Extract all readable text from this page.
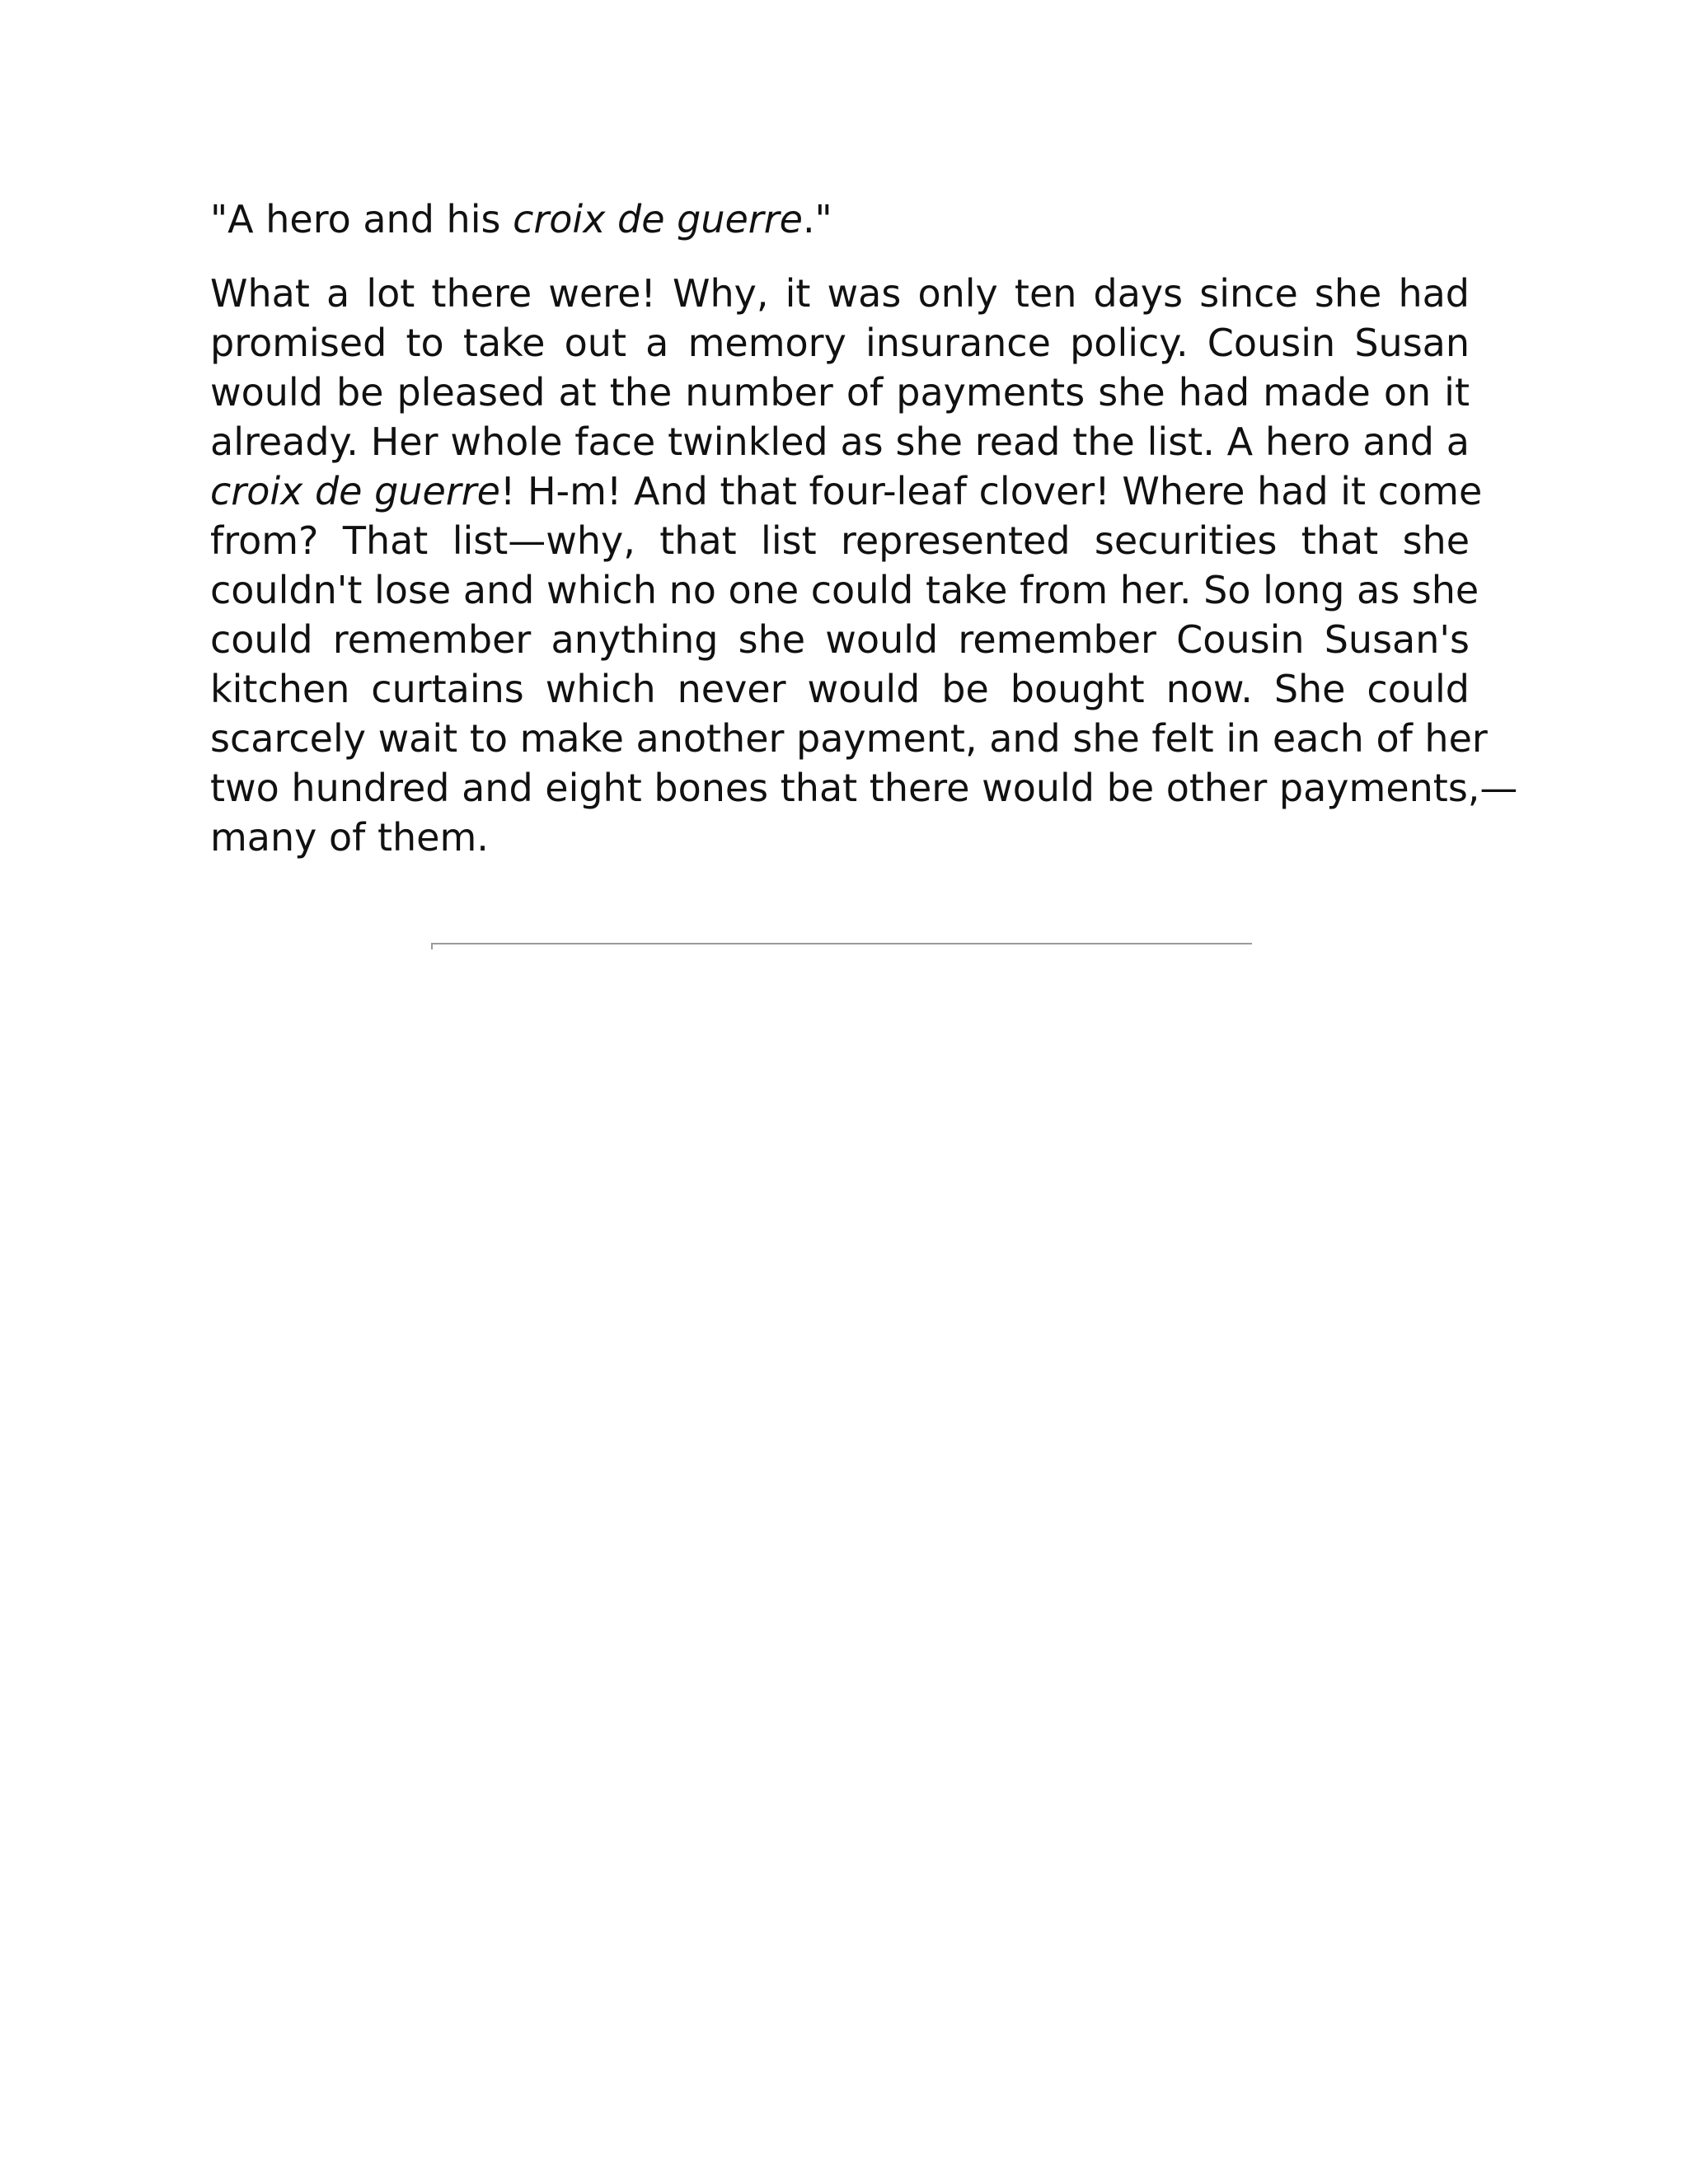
"A hero and his croix de guerre."

What a lot there were! Why, it was only ten days since she had
promised to take out a memory insurance policy. Cousin Susan
would be pleased at the number of payments she had made on it
already. Her whole face twinkled as she read the list. A hero and a
croix de guerre! H-m! And that four-leaf clover! Where had it come
from? That list—why, that list represented securities that she
couldn't lose and which no one could take from her. So long as she
could remember anything she would remember Cousin Susan's
kitchen curtains which never would be bought now. She could
scarcely wait to make another payment, and she felt in each of her
two hundred and eight bones that there would be other payments,—
many of them.
